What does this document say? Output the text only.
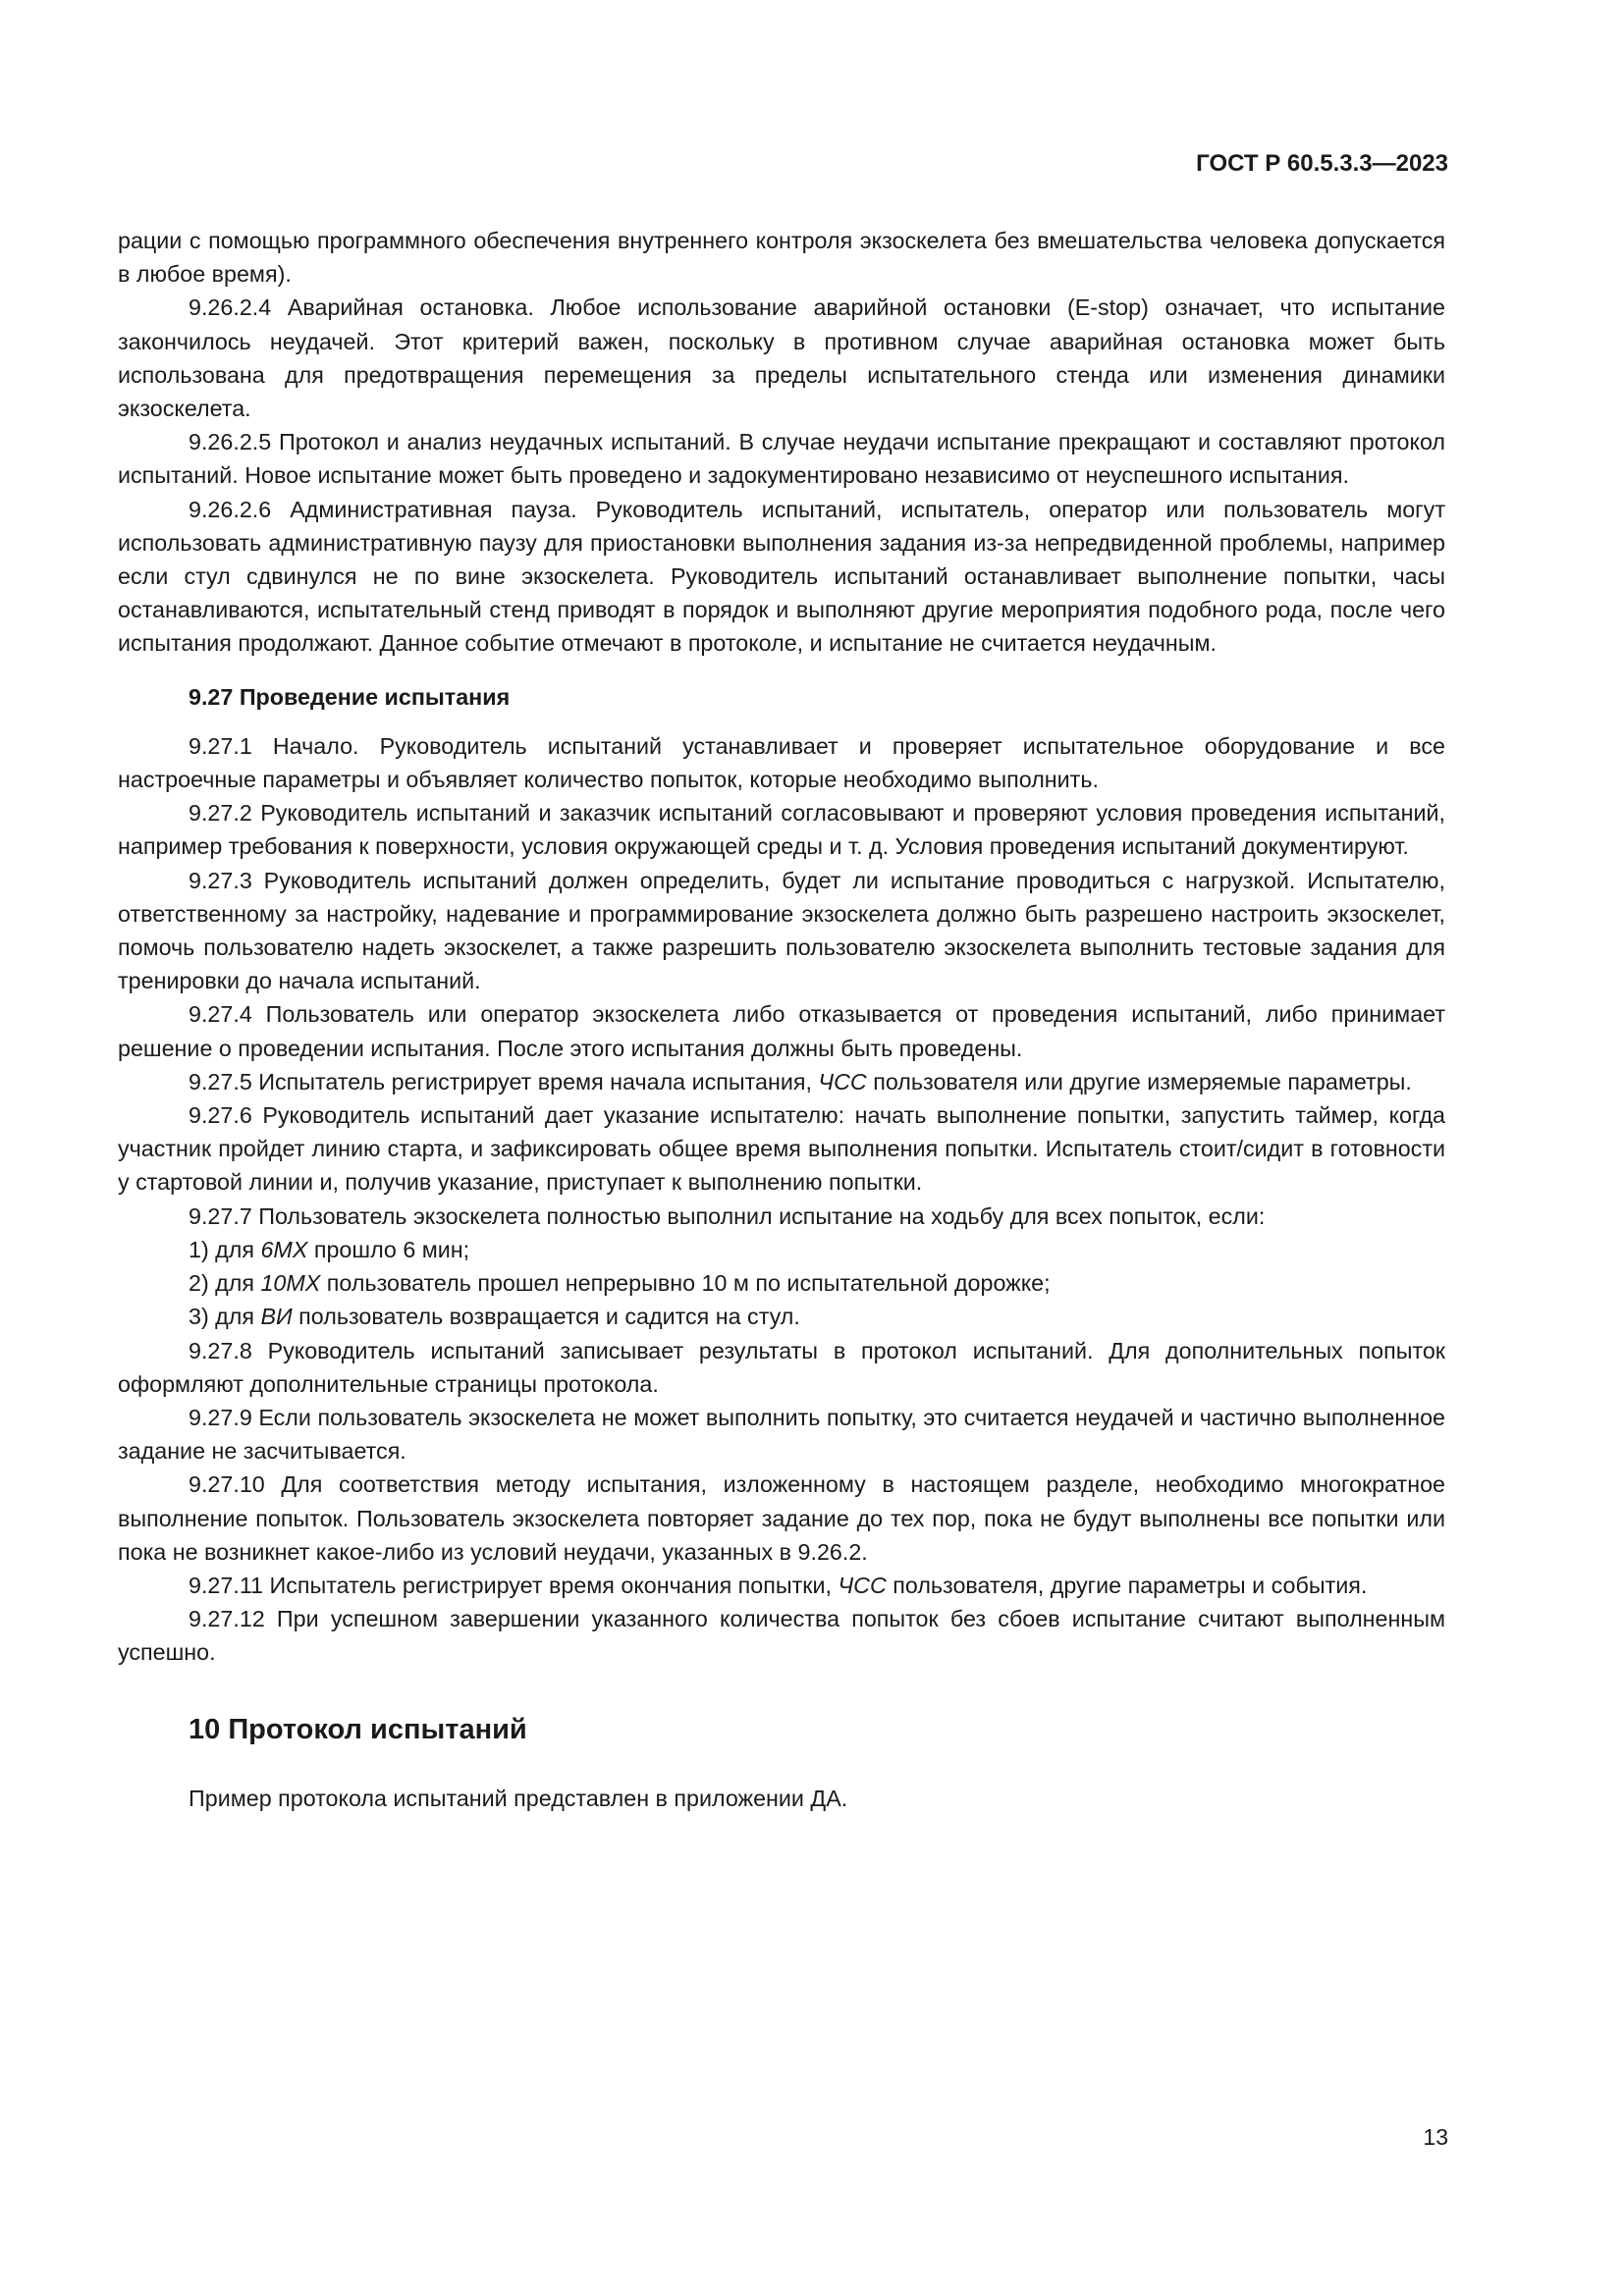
ГОСТ Р 60.5.3.3—2023

рации с помощью программного обеспечения внутреннего контроля экзоскелета без вмешательства человека допускается в любое время).

9.26.2.4 Аварийная остановка. Любое использование аварийной остановки (E-stop) означает, что испытание закончилось неудачей. Этот критерий важен, поскольку в противном случае аварийная остановка может быть использована для предотвращения перемещения за пределы испытательного стенда или изменения динамики экзоскелета.

9.26.2.5 Протокол и анализ неудачных испытаний. В случае неудачи испытание прекращают и составляют протокол испытаний. Новое испытание может быть проведено и задокументировано независимо от неуспешного испытания.

9.26.2.6 Административная пауза. Руководитель испытаний, испытатель, оператор или пользователь могут использовать административную паузу для приостановки выполнения задания из-за непредвиденной проблемы, например если стул сдвинулся не по вине экзоскелета. Руководитель испытаний останавливает выполнение попытки, часы останавливаются, испытательный стенд приводят в порядок и выполняют другие мероприятия подобного рода, после чего испытания продолжают. Данное событие отмечают в протоколе, и испытание не считается неудачным.

9.27 Проведение испытания

9.27.1 Начало. Руководитель испытаний устанавливает и проверяет испытательное оборудование и все настроечные параметры и объявляет количество попыток, которые необходимо выполнить.

9.27.2 Руководитель испытаний и заказчик испытаний согласовывают и проверяют условия проведения испытаний, например требования к поверхности, условия окружающей среды и т. д. Условия проведения испытаний документируют.

9.27.3 Руководитель испытаний должен определить, будет ли испытание проводиться с нагрузкой. Испытателю, ответственному за настройку, надевание и программирование экзоскелета должно быть разрешено настроить экзоскелет, помочь пользователю надеть экзоскелет, а также разрешить пользователю экзоскелета выполнить тестовые задания для тренировки до начала испытаний.

9.27.4 Пользователь или оператор экзоскелета либо отказывается от проведения испытаний, либо принимает решение о проведении испытания. После этого испытания должны быть проведены.

9.27.5 Испытатель регистрирует время начала испытания, ЧСС пользователя или другие измеряемые параметры.

9.27.6 Руководитель испытаний дает указание испытателю: начать выполнение попытки, запустить таймер, когда участник пройдет линию старта, и зафиксировать общее время выполнения попытки. Испытатель стоит/сидит в готовности у стартовой линии и, получив указание, приступает к выполнению попытки.

9.27.7 Пользователь экзоскелета полностью выполнил испытание на ходьбу для всех попыток, если:

1) для 6МХ прошло 6 мин;

2) для 10МХ пользователь прошел непрерывно 10 м по испытательной дорожке;

3) для ВИ пользователь возвращается и садится на стул.

9.27.8 Руководитель испытаний записывает результаты в протокол испытаний. Для дополнительных попыток оформляют дополнительные страницы протокола.

9.27.9 Если пользователь экзоскелета не может выполнить попытку, это считается неудачей и частично выполненное задание не засчитывается.

9.27.10 Для соответствия методу испытания, изложенному в настоящем разделе, необходимо многократное выполнение попыток. Пользователь экзоскелета повторяет задание до тех пор, пока не будут выполнены все попытки или пока не возникнет какое-либо из условий неудачи, указанных в 9.26.2.

9.27.11 Испытатель регистрирует время окончания попытки, ЧСС пользователя, другие параметры и события.

9.27.12 При успешном завершении указанного количества попыток без сбоев испытание считают выполненным успешно.

10 Протокол испытаний

Пример протокола испытаний представлен в приложении ДА.

13
